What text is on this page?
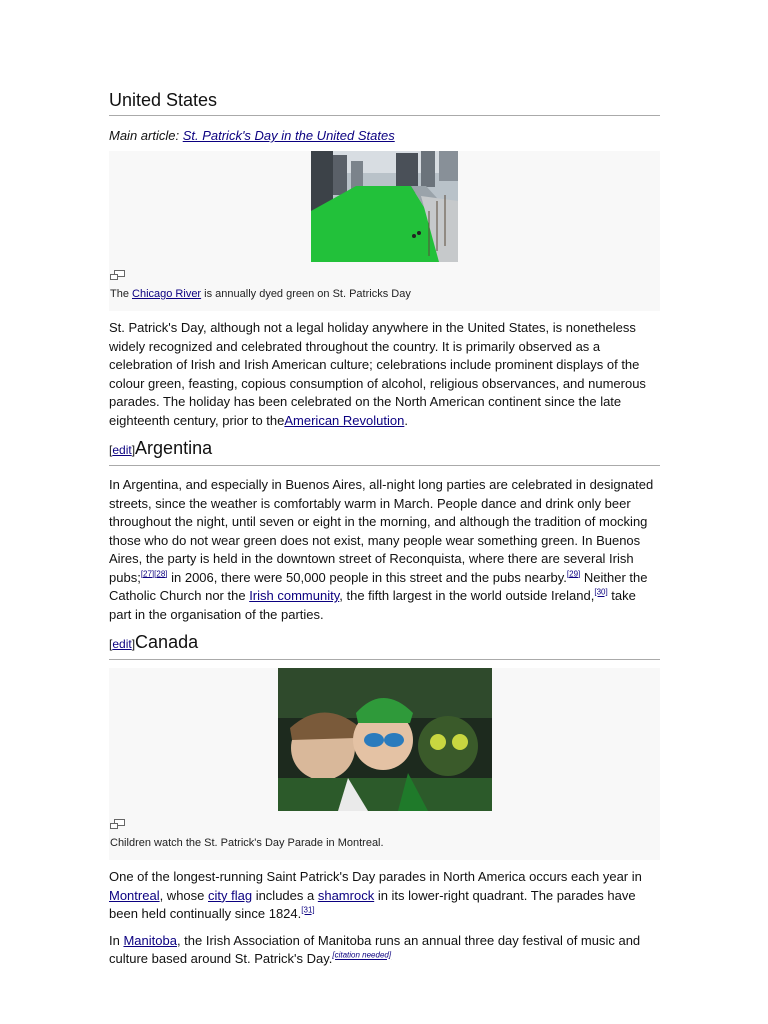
United States
Main article: St. Patrick's Day in the United States
The Chicago River is annually dyed green on St. Patricks Day

St. Patrick's Day, although not a legal holiday anywhere in the United States, is nonetheless widely recognized and celebrated throughout the country. It is primarily observed as a celebration of Irish and Irish American culture; celebrations include prominent displays of the colour green, feasting, copious consumption of alcohol, religious observances, and numerous parades. The holiday has been celebrated on the North American continent since the late eighteenth century, prior to theAmerican Revolution.

[edit]Argentina

In Argentina, and especially in Buenos Aires, all-night long parties are celebrated in designated streets, since the weather is comfortably warm in March. People dance and drink only beer throughout the night, until seven or eight in the morning, and although the tradition of mocking those who do not wear green does not exist, many people wear something green. In Buenos Aires, the party is held in the downtown street of Reconquista, where there are several Irish pubs;[27][28] in 2006, there were 50,000 people in this street and the pubs nearby.[29] Neither the Catholic Church nor the Irish community, the fifth largest in the world outside Ireland,[30] take part in the organisation of the parties.

[edit]Canada
Children watch the St. Patrick's Day Parade in Montreal.

One of the longest-running Saint Patrick's Day parades in North America occurs each year in Montreal, whose city flag includes a shamrock in its lower-right quadrant. The parades have been held continually since 1824.[31]

In Manitoba, the Irish Association of Manitoba runs an annual three day festival of music and culture based around St. Patrick's Day.[citation needed]
